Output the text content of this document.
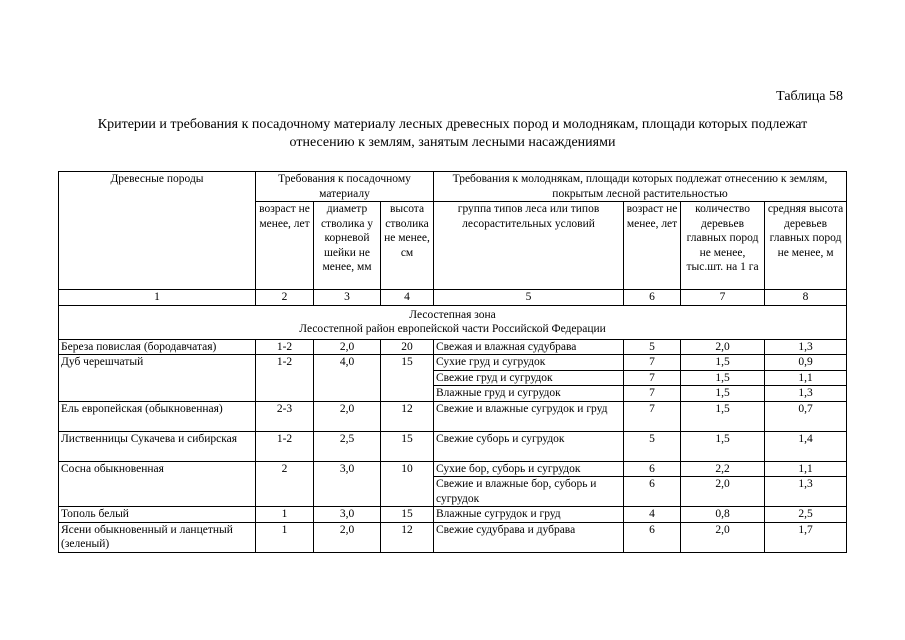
Таблица 58
Критерии и требования к посадочному материалу лесных древесных пород и молоднякам, площади которых подлежат
отнесению к землям, занятым лесными насаждениями
Древесные породы	Требования к посадочному материалу			Требования к молоднякам, площади которых подлежат отнесению к землям, покрытым лесной растительностью			
	возраст не менее, лет	диаметр стволика у корневой шейки не менее, мм	высота стволика не менее, см	группа типов леса или типов лесорастительных условий	возраст не менее, лет	количество деревьев главных пород не менее, тыс.шт. на 1 га	средняя высота деревьев главных пород не менее, м
1	2	3	4	5	6	7	8

Лесостепная зона
Лесостепной район европейской части Российской Федерации							

Береза повислая (бородавчатая)	1-2	2,0	20	Свежая и влажная судубрава	5	2,0	1,3
Дуб черешчатый	1-2	4,0	15	Сухие груд и сугрудок	7	1,5	0,9
				Свежие груд и сугрудок	7	1,5	1,1
				Влажные груд и сугрудок	7	1,5	1,3
Ель европейская (обыкновенная)	2-3	2,0	12	Свежие и влажные сугрудок и груд	7	1,5	0,7
Лиственницы Сукачева и сибирская	1-2	2,5	15	Свежие суборь и сугрудок	5	1,5	1,4
Сосна обыкновенная	2	3,0	10	Сухие бор, суборь и сугрудок	6	2,2	1,1
				Свежие и влажные бор, суборь и сугрудок	6	2,0	1,3
Тополь белый	1	3,0	15	Влажные сугрудок и груд	4	0,8	2,5
Ясени обыкновенный и ланцетный (зеленый)	1	2,0	12	Свежие судубрава и дубрава	6	2,0	1,7
